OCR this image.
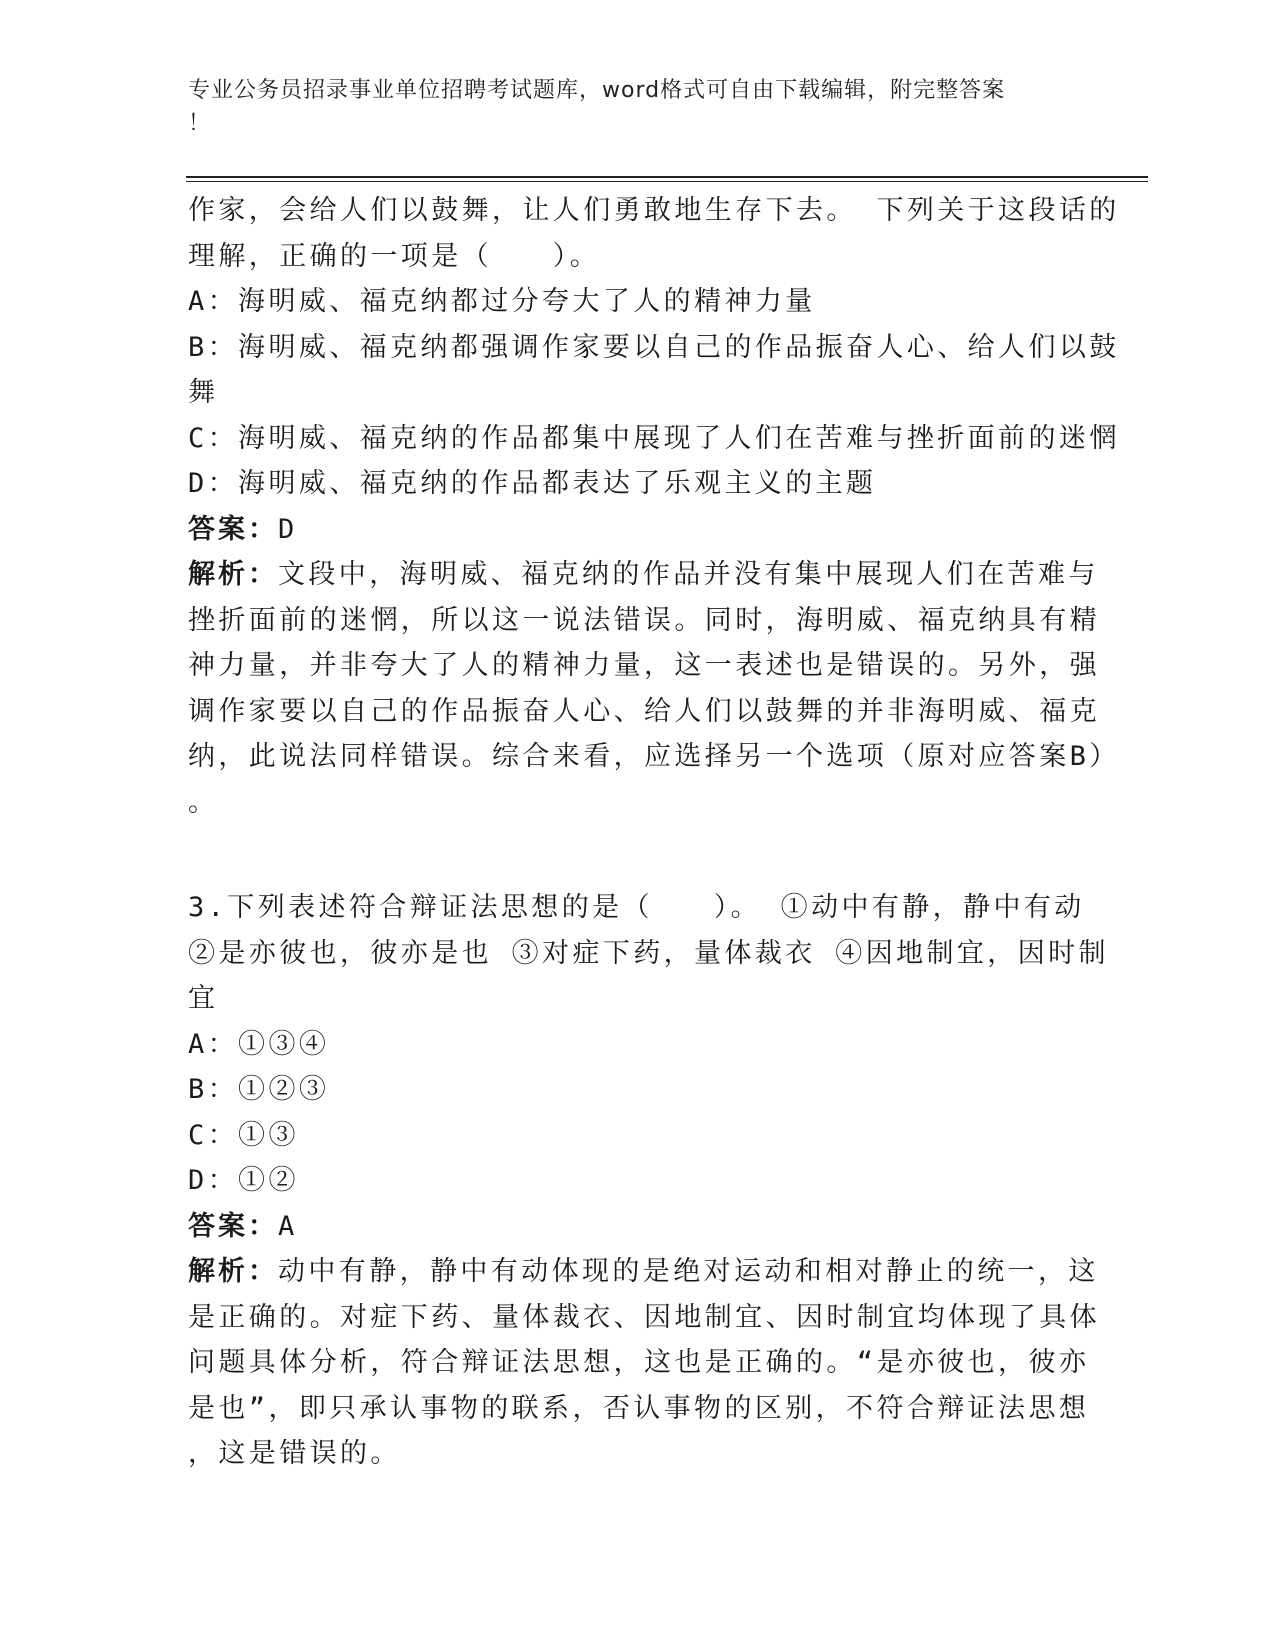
专业公务员招录事业单位招聘考试题库，word格式可自由下载编辑，附完整答案
！

作家，会给人们以鼓舞，让人们勇敢地生存下去。 下列关于这段话的

理解，正确的一项是（　　）。

A：海明威、福克纳都过分夸大了人的精神力量

B：海明威、福克纳都强调作家要以自己的作品振奋人心、给人们以鼓

舞

C：海明威、福克纳的作品都集中展现了人们在苦难与挫折面前的迷惘

D：海明威、福克纳的作品都表达了乐观主义的主题

答案：D

解析：文段中，海明威、福克纳的作品并没有集中展现人们在苦难与

挫折面前的迷惘，所以这一说法错误。同时，海明威、福克纳具有精

神力量，并非夸大了人的精神力量，这一表述也是错误的。另外，强

调作家要以自己的作品振奋人心、给人们以鼓舞的并非海明威、福克

纳，此说法同样错误。综合来看，应选择另一个选项（原对应答案B）

。

3.下列表述符合辩证法思想的是（　　）。 ①动中有静，静中有动

②是亦彼也，彼亦是也 ③对症下药，量体裁衣 ④因地制宜，因时制

宜

A：①③④

B：①②③

C：①③

D：①②

答案：A

解析：动中有静，静中有动体现的是绝对运动和相对静止的统一，这

是正确的。对症下药、量体裁衣、因地制宜、因时制宜均体现了具体

问题具体分析，符合辩证法思想，这也是正确的。“是亦彼也，彼亦

是也”，即只承认事物的联系，否认事物的区别，不符合辩证法思想

，这是错误的。
